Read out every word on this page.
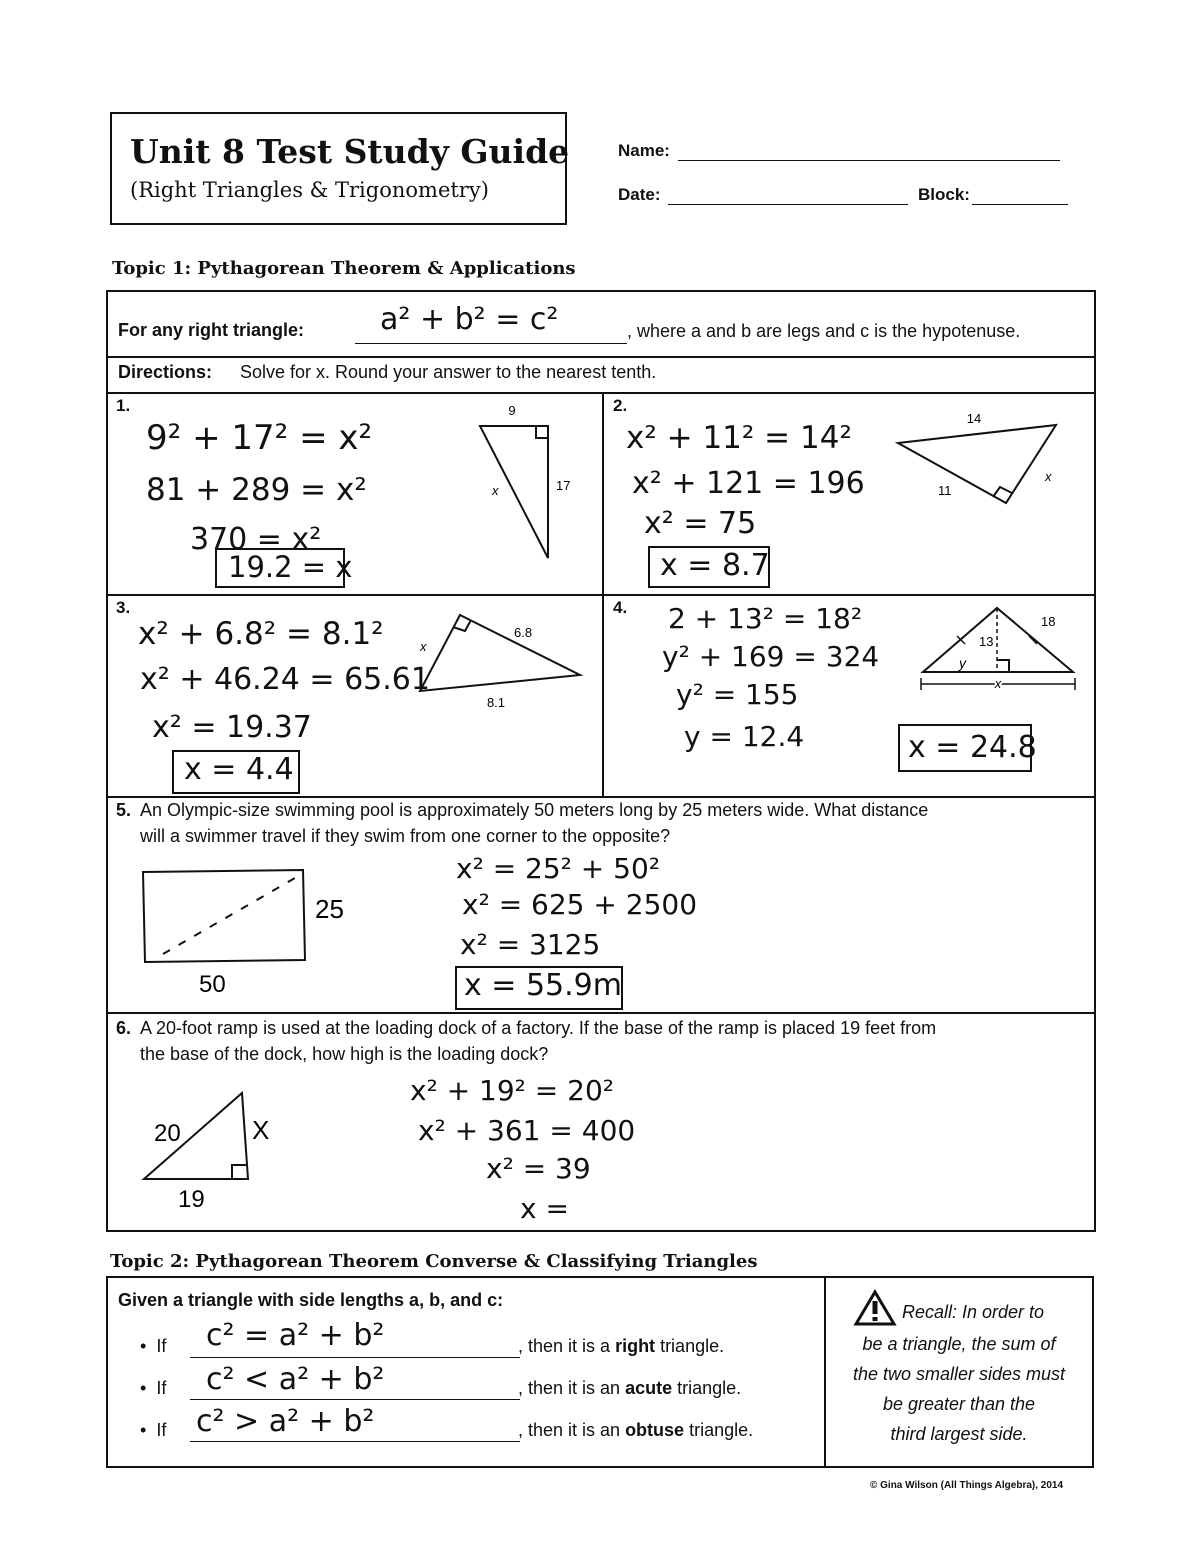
Unit 8 Test Study Guide
(Right Triangles & Trigonometry)
Name:
Date:	Block:
Topic 1: Pythagorean Theorem & Applications
For any right triangle:	a² + b² = c²	, where a and b are legs and c is the hypotenuse.
Directions: Solve for x. Round your answer to the nearest tenth.
1.
9² + 17² = x²
81 + 289 = x²
370 = x²
19.2 = x
9
17
x
2.
x² + 11² = 14²
x² + 121 = 196
x² = 75
x = 8.7
14
11
x
3.
x² + 6.8² = 8.1²
x² + 46.24 = 65.61
x² = 19.37
x = 4.4
x
6.8
8.1
4. 2 + 13² = 18²
y² + 169 = 324
y² = 155
y = 12.4	x = 24.8
13
18
y
x
5. An Olympic-size swimming pool is approximately 50 meters long by 25 meters wide. What distance
will a swimmer travel if they swim from one corner to the opposite?
25
50
x² = 25² + 50²
x² = 625 + 2500
x² = 3125
x = 55.9m
6. A 20-foot ramp is used at the loading dock of a factory. If the base of the ramp is placed 19 feet from
the base of the dock, how high is the loading dock?
20	X
19
x² + 19² = 20²
x² + 361 = 400
x² = 39
x =
Topic 2: Pythagorean Theorem Converse & Classifying Triangles
Given a triangle with side lengths a, b, and c:
• If c² = a² + b²	, then it is a right triangle.
• If c² < a² + b²	, then it is an acute triangle.
• If c² > a² + b²	, then it is an obtuse triangle.
Recall: In order to
be a triangle, the sum of
the two smaller sides must
be greater than the
third largest side.
© Gina Wilson (All Things Algebra), 2014
